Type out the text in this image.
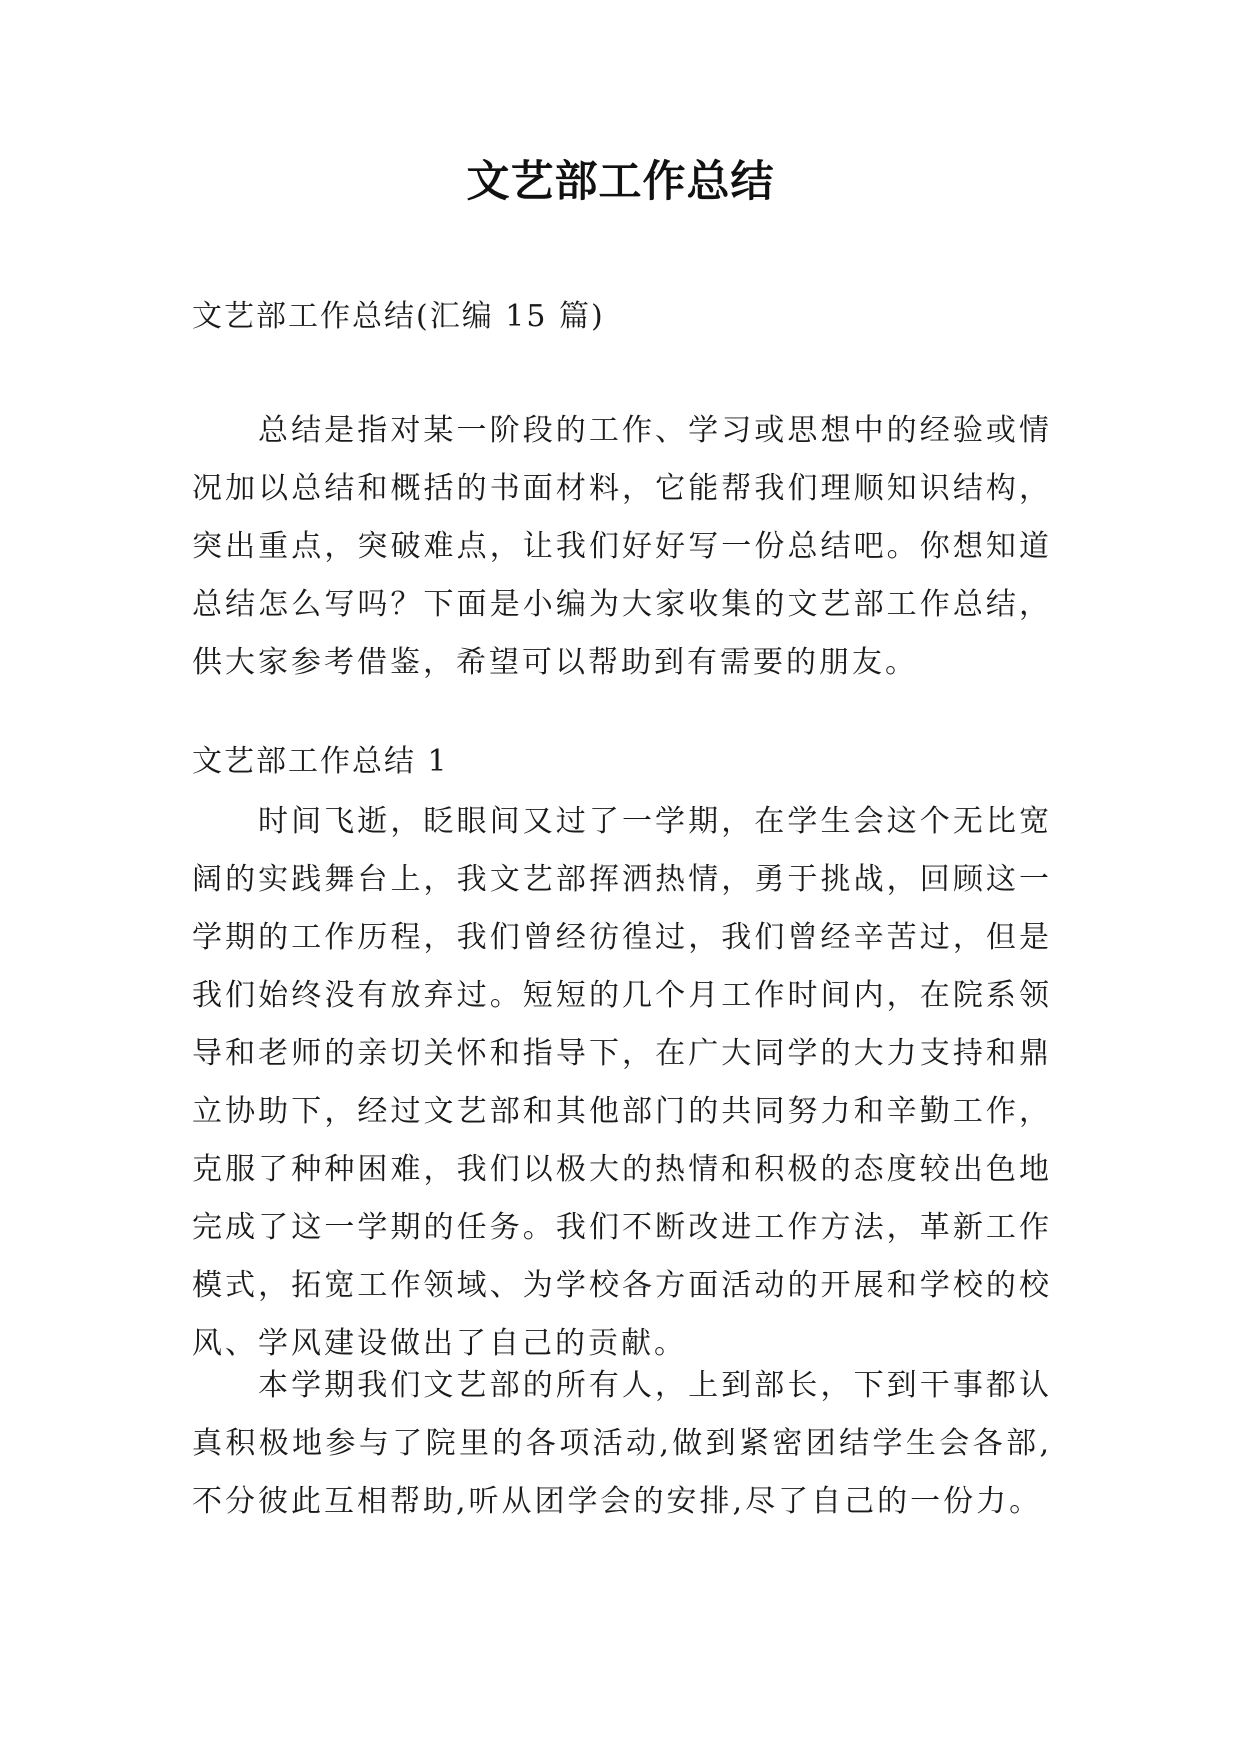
文艺部工作总结
文艺部工作总结(汇编 15 篇)
总结是指对某一阶段的工作、学习或思想中的经验或情况加以总结和概括的书面材料，它能帮我们理顺知识结构，突出重点，突破难点，让我们好好写一份总结吧。你想知道总结怎么写吗？下面是小编为大家收集的文艺部工作总结，供大家参考借鉴，希望可以帮助到有需要的朋友。
文艺部工作总结 1
时间飞逝，眨眼间又过了一学期，在学生会这个无比宽阔的实践舞台上，我文艺部挥洒热情，勇于挑战，回顾这一学期的工作历程，我们曾经彷徨过，我们曾经辛苦过，但是我们始终没有放弃过。短短的几个月工作时间内，在院系领导和老师的亲切关怀和指导下，在广大同学的大力支持和鼎立协助下，经过文艺部和其他部门的共同努力和辛勤工作，克服了种种困难，我们以极大的热情和积极的态度较出色地完成了这一学期的任务。我们不断改进工作方法，革新工作模式，拓宽工作领域、为学校各方面活动的开展和学校的校风、学风建设做出了自己的贡献。
本学期我们文艺部的所有人，上到部长，下到干事都认真积极地参与了院里的各项活动,做到紧密团结学生会各部,不分彼此互相帮助,听从团学会的安排,尽了自己的一份力。
